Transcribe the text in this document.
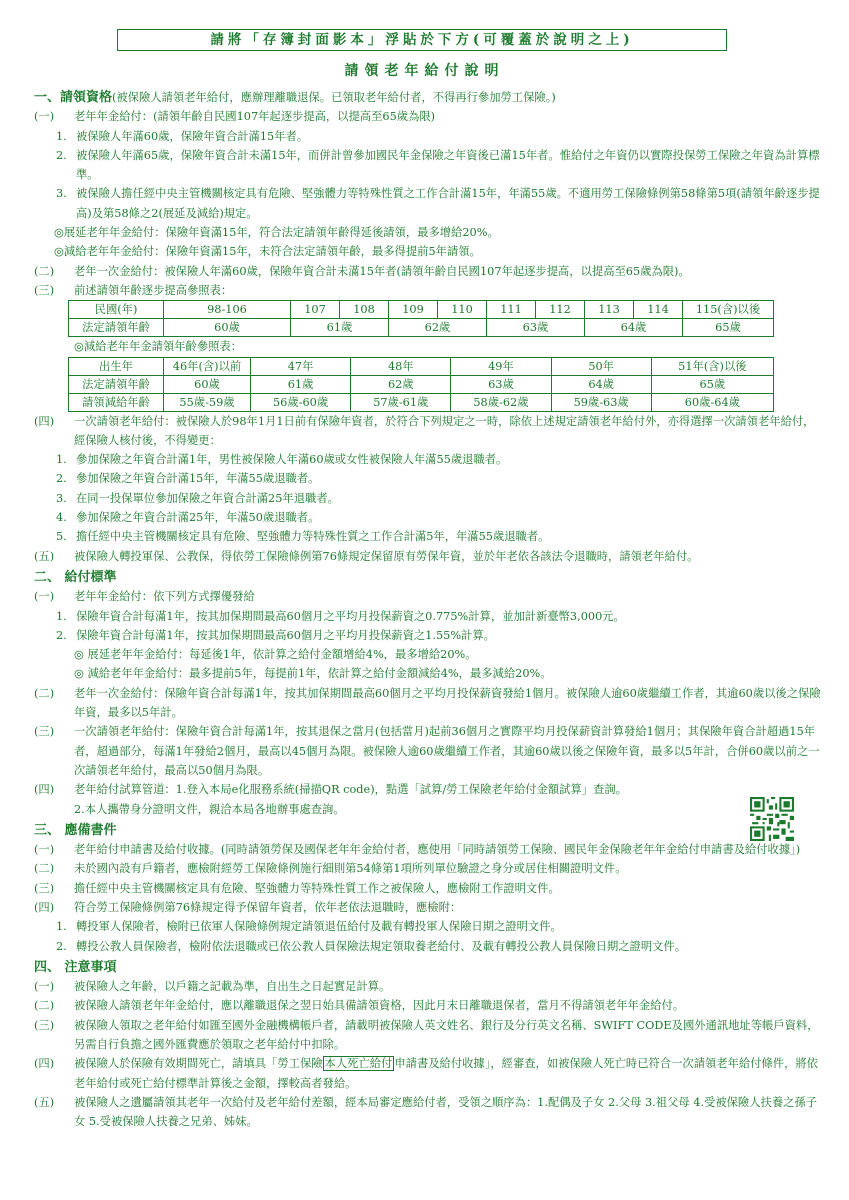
請將「存簿封面影本」浮貼於下方(可覆蓋於說明之上)
請領老年給付說明
一、請領資格(被保險人請領老年給付，應辦理離職退保。已領取老年給付者，不得再行參加勞工保險。)
(一)	老年年金給付：(請領年齡自民國107年起逐步提高，以提高至65歲為限)
1. 被保險人年滿60歲，保險年資合計滿15年者。
2. 被保險人年滿65歲，保險年資合計未滿15年，而併計曾參加國民年金保險之年資後已滿15年者。惟給付之年資仍以實際投保勞工保險之年資為計算標準。
3. 被保險人擔任經中央主管機關核定具有危險、堅強體力等特殊性質之工作合計滿15年，年滿55歲。不適用勞工保險條例第58條第5項(請領年齡逐步提高)及第58條之2(展延及減給)規定。
◎展延老年年金給付：保險年資滿15年，符合法定請領年齡得延後請領，最多增給20%。
◎減給老年年金給付：保險年資滿15年，未符合法定請領年齡，最多得提前5年請領。
(二)	老年一次金給付：被保險人年滿60歲，保險年資合計未滿15年者(請領年齡自民國107年起逐步提高，以提高至65歲為限)。
(三)	前述請領年齡逐步提高參照表：
民國(年)	98-106	107	108	109	110	111	112	113	114	115(含)以後
法定請領年齡	60歲	61歲		62歲		63歲		64歲		65歲
◎減給老年年金請領年齡參照表：
出生年	46年(含)以前	47年	48年	49年	50年	51年(含)以後
法定請領年齡	60歲	61歲	62歲	63歲	64歲	65歲
請領減給年齡	55歲-59歲	56歲-60歲	57歲-61歲	58歲-62歲	59歲-63歲	60歲-64歲
(四)	一次請領老年給付：被保險人於98年1月1日前有保險年資者，於符合下列規定之一時，除依上述規定請領老年給付外，亦得選擇一次請領老年給付，經保險人核付後，不得變更：
1. 參加保險之年資合計滿1年，男性被保險人年滿60歲或女性被保險人年滿55歲退職者。
2. 參加保險之年資合計滿15年，年滿55歲退職者。
3. 在同一投保單位參加保險之年資合計滿25年退職者。
4. 參加保險之年資合計滿25年，年滿50歲退職者。
5. 擔任經中央主管機關核定具有危險、堅強體力等特殊性質之工作合計滿5年，年滿55歲退職者。
(五)	被保險人轉投軍保、公教保，得依勞工保險條例第76條規定保留原有勞保年資，並於年老依各該法令退職時，請領老年給付。
二、 給付標準
(一)	老年年金給付：依下列方式擇優發給
1. 保險年資合計每滿1年，按其加保期間最高60個月之平均月投保薪資之0.775%計算，並加計新臺幣3,000元。
2. 保險年資合計每滿1年，按其加保期間最高60個月之平均月投保薪資之1.55%計算。
◎ 展延老年年金給付：每延後1年，依計算之給付金額增給4%，最多增給20%。
◎ 減給老年年金給付：最多提前5年，每提前1年，依計算之給付金額減給4%，最多減給20%。
(二)	老年一次金給付：保險年資合計每滿1年，按其加保期間最高60個月之平均月投保薪資發給1個月。被保險人逾60歲繼續工作者，其逾60歲以後之保險年資，最多以5年計。
(三)	一次請領老年給付：保險年資合計每滿1年，按其退保之當月(包括當月)起前36個月之實際平均月投保薪資計算發給1個月；其保險年資合計超過15年者，超過部分，每滿1年發給2個月，最高以45個月為限。被保險人逾60歲繼續工作者，其逾60歲以後之保險年資，最多以5年計，合併60歲以前之一次請領老年給付，最高以50個月為限。
(四)	老年給付試算管道：1.登入本局e化服務系統(掃描QR code)，點選「試算/勞工保險老年給付金額試算」查詢。
2.本人攜帶身分證明文件，親洽本局各地辦事處查詢。
三、 應備書件
(一)	老年給付申請書及給付收據。(同時請領勞保及國保老年年金給付者，應使用「同時請領勞工保險、國民年金保險老年年金給付申請書及給付收據」)
(二)	未於國內設有戶籍者，應檢附經勞工保險條例施行細則第54條第1項所列單位驗證之身分或居住相關證明文件。
(三)	擔任經中央主管機關核定具有危險、堅強體力等特殊性質工作之被保險人，應檢附工作證明文件。
(四)	符合勞工保險條例第76條規定得予保留年資者，依年老依法退職時，應檢附：
1. 轉投軍人保險者，檢附已依軍人保險條例規定請領退伍給付及載有轉投軍人保險日期之證明文件。
2. 轉投公教人員保險者，檢附依法退職或已依公教人員保險法規定領取養老給付、及載有轉投公教人員保險日期之證明文件。
四、 注意事項
(一)	被保險人之年齡，以戶籍之記載為準，自出生之日起實足計算。
(二)	被保險人請領老年年金給付，應以離職退保之翌日始具備請領資格，因此月末日離職退保者，當月不得請領老年年金給付。
(三)	被保險人領取之老年給付如匯至國外金融機構帳戶者，請載明被保險人英文姓名、銀行及分行英文名稱、SWIFT CODE及國外通訊地址等帳戶資料，另需自行負擔之國外匯費應於領取之老年給付中扣除。
(四)	被保險人於保險有效期間死亡，請填具「勞工保險 本人死亡給付 申請書及給付收據」，經審查，如被保險人死亡時已符合一次請領老年給付條件，將依老年給付或死亡給付標準計算後之金額，擇較高者發給。
(五)	被保險人之遺屬請領其老年一次給付及老年給付差額，經本局審定應給付者，受領之順序為：1.配偶及子女 2.父母 3.祖父母 4.受被保險人扶養之孫子女 5.受被保險人扶養之兄弟、姊妹。
